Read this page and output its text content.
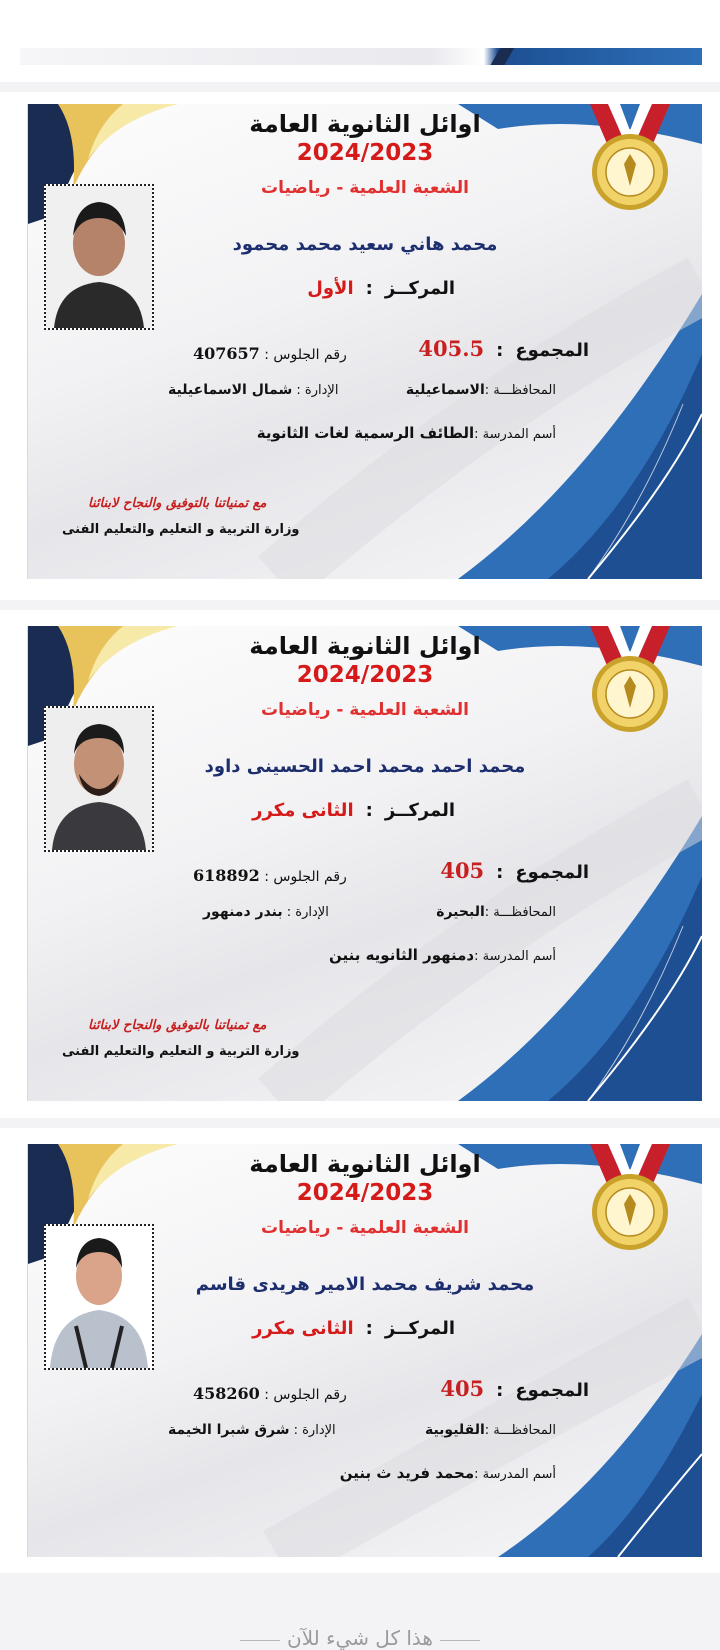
اوائل الثانوية العامة
2024/2023
الشعبة العلمية - رياضيات
محمد هاني سعيد محمد محمود
المركــز:الأول
المجموع:405.5
رقم الجلوس : 407657
المحافظـــة :الاسماعيلية
الإدارة : شمال الاسماعيلية
أسم المدرسة :الطائف الرسمية لغات الثانوية
مع تمنياتنا بالتوفيق والنجاح لابنائنا
وزارة التربية و التعليم والتعليم الفنى
اوائل الثانوية العامة
2024/2023
الشعبة العلمية - رياضيات
محمد احمد محمد احمد الحسينى داود
المركــز:الثانى مكرر
المجموع:405
رقم الجلوس : 618892
المحافظـــة :البحيرة
الإدارة : بندر دمنهور
أسم المدرسة :دمنهور الثانويه بنين
مع تمنياتنا بالتوفيق والنجاح لابنائنا
وزارة التربية و التعليم والتعليم الفنى
اوائل الثانوية العامة
2024/2023
الشعبة العلمية - رياضيات
محمد شريف محمد الامير هريدى قاسم
المركــز:الثانى مكرر
المجموع:405
رقم الجلوس : 458260
المحافظـــة :القليوبية
الإدارة : شرق شبرا الخيمة
أسم المدرسة :محمد فريد ث بنين
هذا كل شيء للآن
